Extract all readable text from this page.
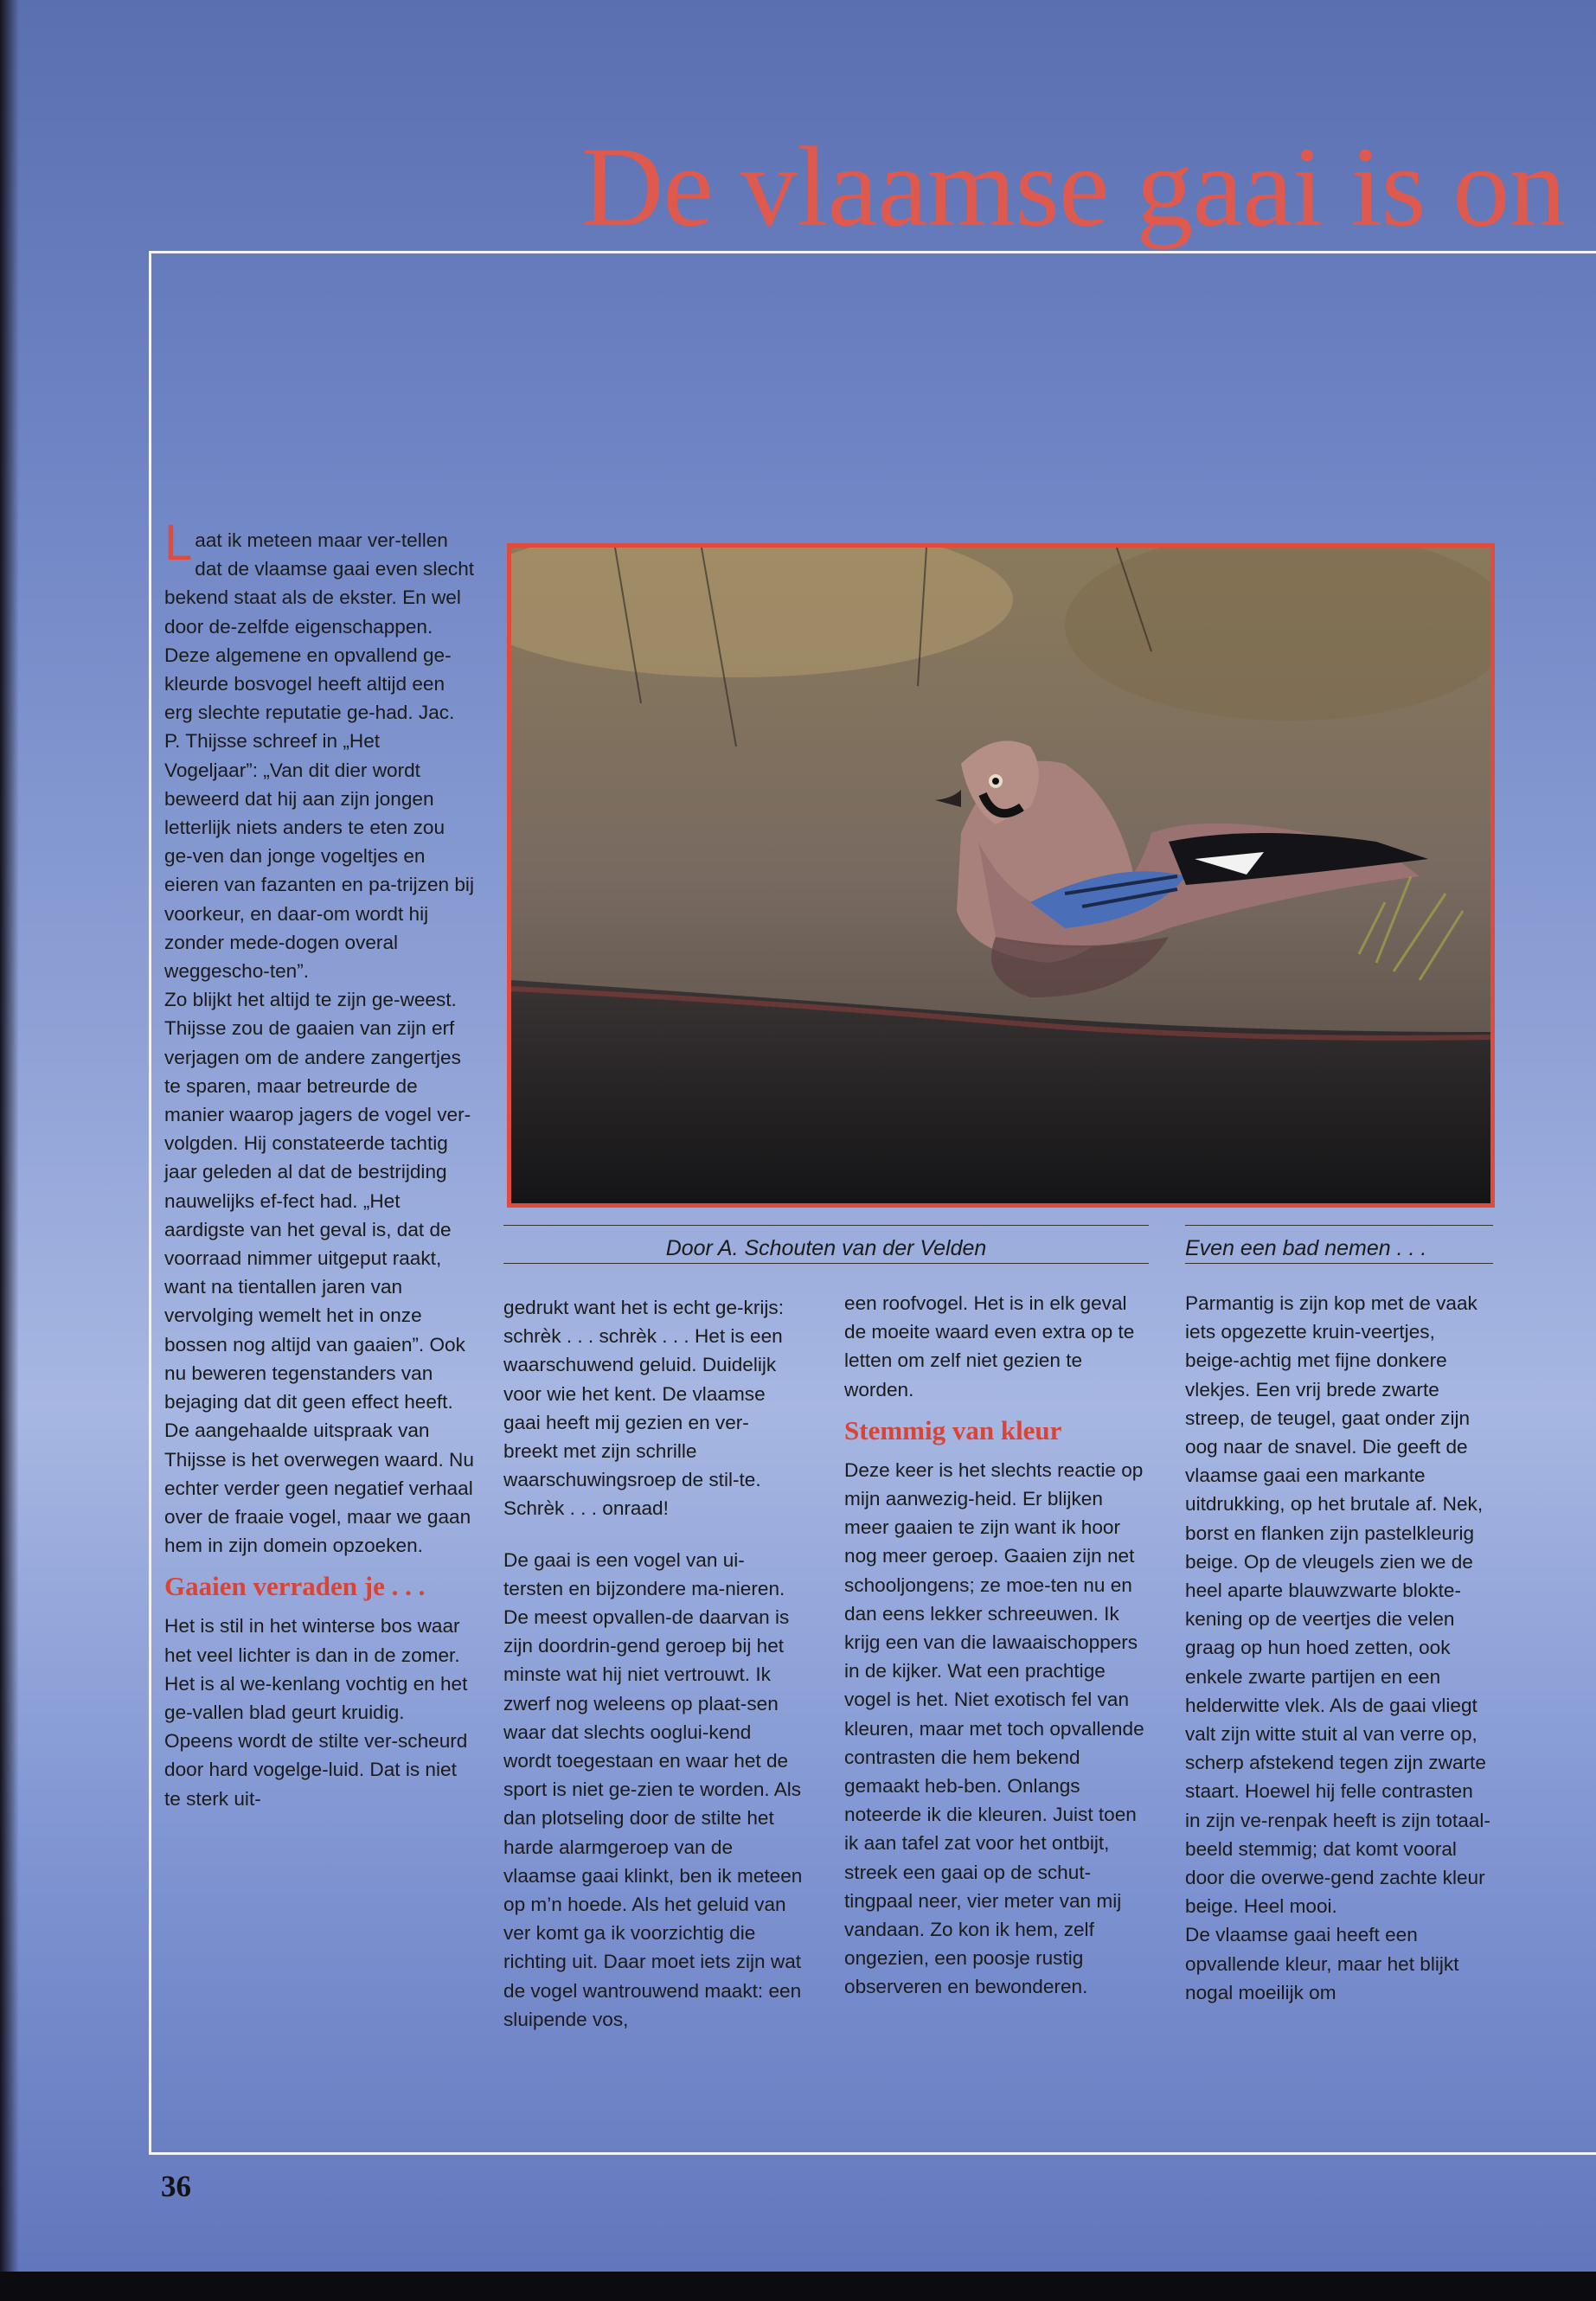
De vlaamse gaai is on
Door A. Schouten van der Velden	Even een bad nemen . . .

Laat ik meteen maar ver-tellen dat de vlaamse gaai even slecht bekend staat als de ekster. En wel door de-zelfde eigenschappen. Deze algemene en opvallend ge-kleurde bosvogel heeft altijd een erg slechte reputatie ge-had. Jac. P. Thijsse schreef in „Het Vogeljaar”: „Van dit dier wordt beweerd dat hij aan zijn jongen letterlijk niets anders te eten zou ge-ven dan jonge vogeltjes en eieren van fazanten en pa-trijzen bij voorkeur, en daar-om wordt hij zonder mede-dogen overal weggescho-ten”.

Zo blijkt het altijd te zijn ge-weest. Thijsse zou de gaaien van zijn erf verjagen om de andere zangertjes te sparen, maar betreurde de manier waarop jagers de vogel ver-volgden. Hij constateerde tachtig jaar geleden al dat de bestrijding nauwelijks ef-fect had. „Het aardigste van het geval is, dat de voorraad nimmer uitgeput raakt, want na tientallen jaren van vervolging wemelt het in onze bossen nog altijd van gaaien”. Ook nu beweren tegenstanders van bejaging dat dit geen effect heeft. De aangehaalde uitspraak van Thijsse is het overwegen waard. Nu echter verder geen negatief verhaal over de fraaie vogel, maar we gaan hem in zijn domein opzoeken.

Gaaien verraden je . . .

Het is stil in het winterse bos waar het veel lichter is dan in de zomer. Het is al we-kenlang vochtig en het ge-vallen blad geurt kruidig. Opeens wordt de stilte ver-scheurd door hard vogelge-luid. Dat is niet te sterk uit-

gedrukt want het is echt ge-krijs: schrèk . . . schrèk . . . Het is een waarschuwend geluid. Duidelijk voor wie het kent. De vlaamse gaai heeft mij gezien en ver-breekt met zijn schrille waarschuwingsroep de stil-te. Schrèk . . . onraad!

De gaai is een vogel van ui-tersten en bijzondere ma-nieren. De meest opvallen-de daarvan is zijn doordrin-gend geroep bij het minste wat hij niet vertrouwt. Ik zwerf nog weleens op plaat-sen waar dat slechts ooglui-kend wordt toegestaan en waar het de sport is niet ge-zien te worden. Als dan plotseling door de stilte het harde alarmgeroep van de vlaamse gaai klinkt, ben ik meteen op m’n hoede. Als het geluid van ver komt ga ik voorzichtig die richting uit. Daar moet iets zijn wat de vogel wantrouwend maakt: een sluipende vos,

een roofvogel. Het is in elk geval de moeite waard even extra op te letten om zelf niet gezien te worden.

Stemmig van kleur

Deze keer is het slechts reactie op mijn aanwezig-heid. Er blijken meer gaaien te zijn want ik hoor nog meer geroep. Gaaien zijn net schooljongens; ze moe-ten nu en dan eens lekker schreeuwen. Ik krijg een van die lawaaischoppers in de kijker. Wat een prachtige vogel is het. Niet exotisch fel van kleuren, maar met toch opvallende contrasten die hem bekend gemaakt heb-ben. Onlangs noteerde ik die kleuren. Juist toen ik aan tafel zat voor het ontbijt, streek een gaai op de schut-tingpaal neer, vier meter van mij vandaan. Zo kon ik hem, zelf ongezien, een poosje rustig observeren en bewonderen.

Parmantig is zijn kop met de vaak iets opgezette kruin-veertjes, beige-achtig met fijne donkere vlekjes. Een vrij brede zwarte streep, de teugel, gaat onder zijn oog naar de snavel. Die geeft de vlaamse gaai een markante uitdrukking, op het brutale af. Nek, borst en flanken zijn pastelkleurig beige. Op de vleugels zien we de heel aparte blauwzwarte blokte-kening op de veertjes die velen graag op hun hoed zetten, ook enkele zwarte partijen en een helderwitte vlek. Als de gaai vliegt valt zijn witte stuit al van verre op, scherp afstekend tegen zijn zwarte staart. Hoewel hij felle contrasten in zijn ve-renpak heeft is zijn totaal-beeld stemmig; dat komt vooral door die overwe-gend zachte kleur beige. Heel mooi.

De vlaamse gaai heeft een opvallende kleur, maar het blijkt nogal moeilijk om

36
